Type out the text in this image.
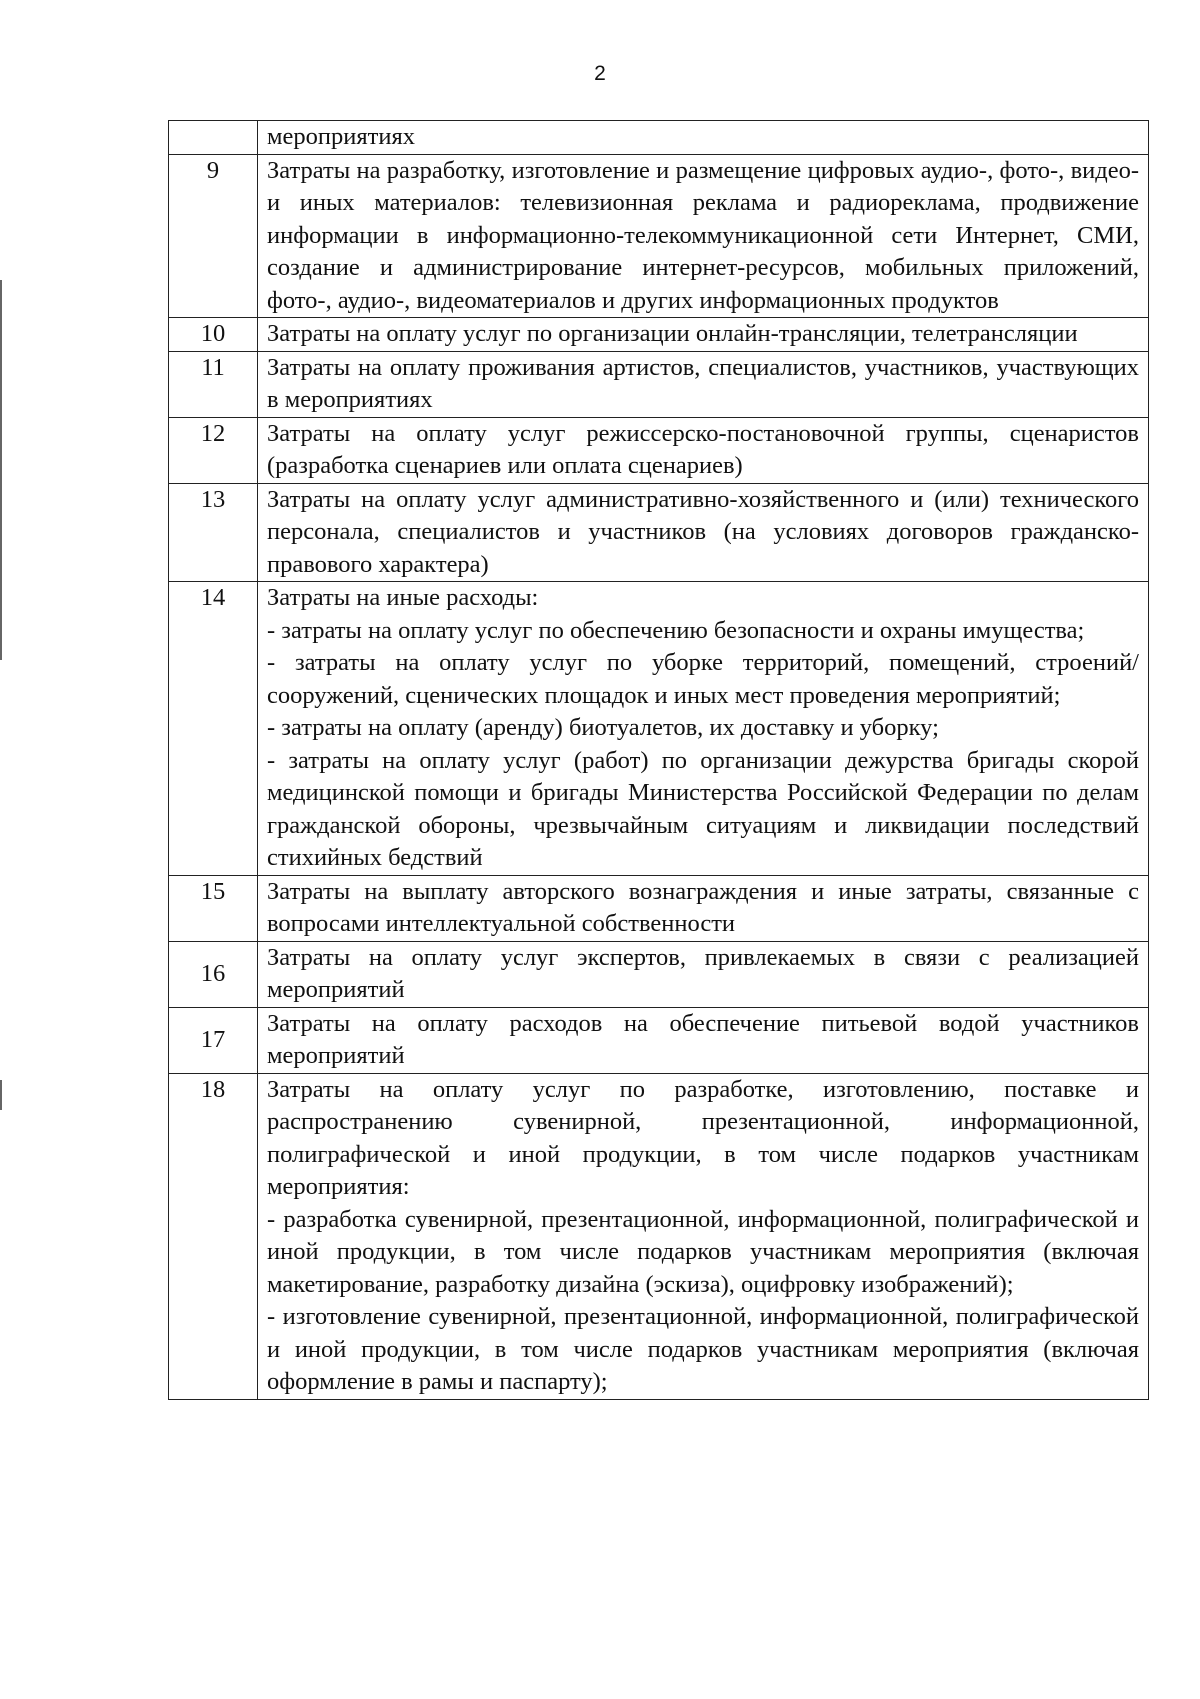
2

	мероприятиях

9	Затраты на разработку, изготовление и размещение цифровых аудио-, фото-, видео- и иных материалов: телевизионная реклама и радиореклама, продвижение информации в информационно-телекоммуникационной сети Интернет, СМИ, создание и администрирование интернет-ресурсов, мобильных приложений, фото-, аудио-, видеоматериалов и других информационных продуктов

10	Затраты на оплату услуг по организации онлайн-трансляции, телетрансляции

11	Затраты на оплату проживания артистов, специалистов, участников, участвующих в мероприятиях

12	Затраты на оплату услуг режиссерско-постановочной группы, сценаристов (разработка сценариев или оплата сценариев)

13	Затраты на оплату услуг административно-хозяйственного и (или) технического персонала, специалистов и участников (на условиях договоров гражданско-правового характера)

14	Затраты на иные расходы:
- затраты на оплату услуг по обеспечению безопасности и охраны имущества;
- затраты на оплату услуг по уборке территорий, помещений, строений/сооружений, сценических площадок и иных мест проведения мероприятий;
- затраты на оплату (аренду) биотуалетов, их доставку и уборку;
- затраты на оплату услуг (работ) по организации дежурства бригады скорой медицинской помощи и бригады Министерства Российской Федерации по делам гражданской обороны, чрезвычайным ситуациям и ликвидации последствий стихийных бедствий

15	Затраты на выплату авторского вознаграждения и иные затраты, связанные с вопросами интеллектуальной собственности

16	Затраты на оплату услуг экспертов, привлекаемых в связи с реализацией мероприятий

17	Затраты на оплату расходов на обеспечение питьевой водой участников мероприятий

18	Затраты на оплату услуг по разработке, изготовлению, поставке и распространению сувенирной, презентационной, информационной, полиграфической и иной продукции, в том числе подарков участникам мероприятия:
- разработка сувенирной, презентационной, информационной, полиграфической и иной продукции, в том числе подарков участникам мероприятия (включая макетирование, разработку дизайна (эскиза), оцифровку изображений);
- изготовление сувенирной, презентационной, информационной, полиграфической и иной продукции, в том числе подарков участникам мероприятия (включая оформление в рамы и паспарту);
